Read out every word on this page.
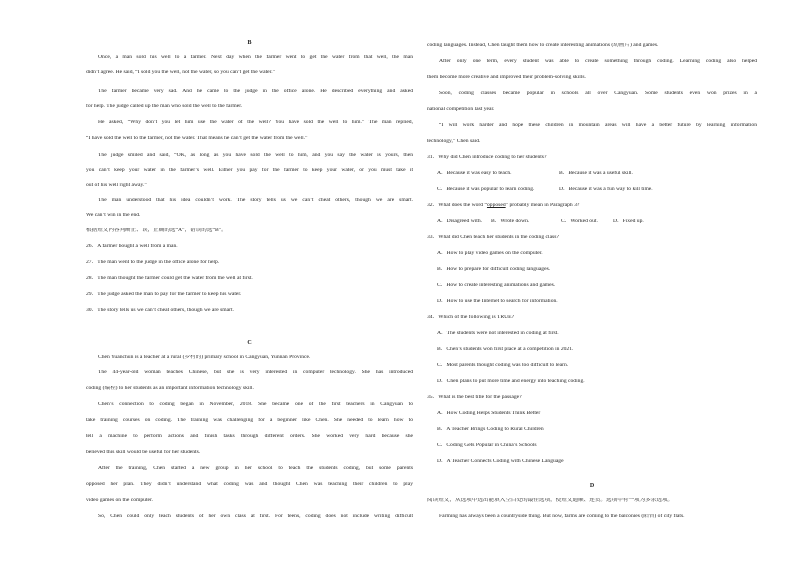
B
Once, a man sold his well to a farmer. Next day when the farmer went to get the water from that well, the man
didn’t agree. He said, “I sold you the well, not the water, so you can’t get the water.”
The farmer became very sad. And he came to the judge in the office alone. He described everything and asked
for help. The judge called up the man who sold the well to the farmer.
He asked, “Why don’t you let him use the water of the well? You have sold the well to him.” The man replied,
“I have sold the well to the farmer, not the water. That means he can’t get the water from the well.”
The judge smiled and said, “OK, as long as you have sold the well to him, and you say the water is yours, then
you can’t keep your water in the farmer’s well. Either you pay for the farmer to keep your water, or you must take it
out of his well right away.”
The man understood that his idea couldn’t work. The story tells us we can’t cheat others, though we are smart.
We can’t win in the end.
根据短文内容判断正、误，正确的选“A”，错误的选“B”。
26．A farmer bought a well from a man.
27．The man went to the judge in the office alone for help.
28．The man thought the farmer could get the water from the well at first.
29．The judge asked the man to pay for the farmer to keep his water.
30．The story tells us we can’t cheat others, though we are smart.
C
Chen Yuanchun is a teacher at a rural (乡村的) primary school in Cangyuan, Yunnan Province.
The 44-year-old woman teaches Chinese, but she is very interested in computer technology. She has introduced
coding (编程) to her students as an important information technology skill.
Chen’s connection to coding began in November, 2018. She became one of the first teachers in Cangyuan to
take training courses on coding. The training was challenging for a beginner like Chen. She needed to learn how to
tell a machine to perform actions and finish tasks through different orders. She worked very hard because she
believed this skill would be useful for her students.
After the training, Chen started a new group in her school to teach the students coding, but some parents
opposed her plan. They didn’t understand what coding was and thought Chen was teaching their children to play
video games on the computer.
So, Chen could only teach students of her own class at first. For teens, coding does not include writing difficult
coding languages. Instead, Chen taught them how to create interesting animations (动画片) and games.
After only one term, every student was able to create something through coding. Learning coding also helped
them become more creative and improved their problem-solving skills.
Soon, coding classes became popular in schools all over Cangyuan. Some students even won prizes in a
national competition last year.
“I will work harder and hope these children in mountain areas will have a better future by learning information
technology,” Chen said.
31．Why did Chen introduce coding to her students?
A．Because it was easy to teach.	B．Because it was a useful skill.
C．Because it was popular to learn coding.	D．Because it was a fun way to kill time.
32．What does the word “opposed” probably mean in Paragraph 3?
A．Disagreed with.	B．Wrote down.	C．Worked out.	D．Fixed up.
33．What did Chen teach her students in the coding class?
A．How to play video games on the computer.
B．How to prepare for difficult coding languages.
C．How to create interesting animations and games.
D．How to use the Internet to search for information.
34．Which of the following is TRUE?
A．The students were not interested in coding at first.
B．Chen’s students won first place at a competition in 2021.
C．Most parents thought coding was too difficult to learn.
D．Chen plans to put more time and energy into teaching coding.
35．What is the best title for the passage?
A．How Coding Helps Students Think Better
B．A Teacher Brings Coding to Rural Children
C．Coding Gets Popular in China’s Schools
D．A Teacher Connects Coding with Chinese Language
D
阅读短文，从选项中选出能填入空白处的最佳选项，使短文通顺、连贯。选项中有一项为多余选项。
Farming has always been a countryside thing. But now, farms are coming to the balconies (阳台) of city flats.
